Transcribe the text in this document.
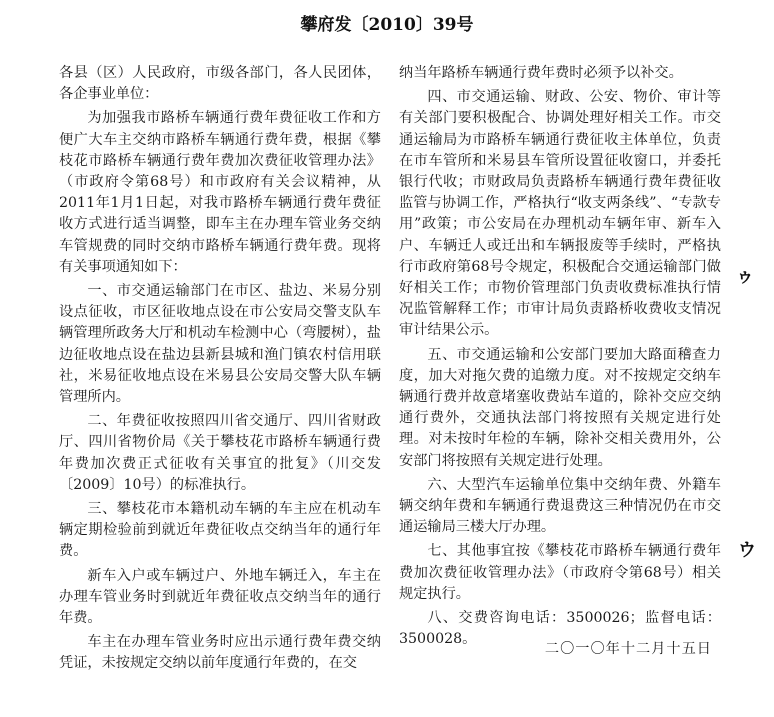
攀府发〔2010〕39号

各县（区）人民政府，市级各部门，各人民团体，各企事业单位：

为加强我市路桥车辆通行费年费征收工作和方便广大车主交纳市路桥车辆通行费年费，根据《攀枝花市路桥车辆通行费年费加次费征收管理办法》（市政府令第68号）和市政府有关会议精神，从2011年1月1日起，对我市路桥车辆通行费年费征收方式进行适当调整，即车主在办理车管业务交纳车管规费的同时交纳市路桥车辆通行费年费。现将有关事项通知如下：

一、市交通运输部门在市区、盐边、米易分别设点征收，市区征收地点设在市公安局交警支队车辆管理所政务大厅和机动车检测中心（弯腰树），盐边征收地点设在盐边县新县城和渔门镇农村信用联社，米易征收地点设在米易县公安局交警大队车辆管理所内。

二、年费征收按照四川省交通厅、四川省财政厅、四川省物价局《关于攀枝花市路桥车辆通行费年费加次费正式征收有关事宜的批复》（川交发〔2009〕10号）的标准执行。

三、攀枝花市本籍机动车辆的车主应在机动车辆定期检验前到就近年费征收点交纳当年的通行年费。

新车入户或车辆过户、外地车辆迁入，车主在办理车管业务时到就近年费征收点交纳当年的通行年费。

车主在办理车管业务时应出示通行费年费交纳凭证，未按规定交纳以前年度通行年费的，在交

纳当年路桥车辆通行费年费时必须予以补交。

四、市交通运输、财政、公安、物价、审计等有关部门要积极配合、协调处理好相关工作。市交通运输局为市路桥车辆通行费征收主体单位，负责在市车管所和米易县车管所设置征收窗口，并委托银行代收；市财政局负责路桥车辆通行费年费征收监管与协调工作，严格执行“收支两条线”、“专款专用”政策；市公安局在办理机动车辆年审、新车入户、车辆迁人或迁出和车辆报废等手续时，严格执行市政府第68号令规定，积极配合交通运输部门做好相关工作；市物价管理部门负责收费标准执行情况监管解释工作；市审计局负责路桥收费收支情况审计结果公示。

五、市交通运输和公安部门要加大路面稽查力度，加大对拖欠费的追缴力度。对不按规定交纳车辆通行费并故意堵塞收费站车道的，除补交应交纳通行费外，交通执法部门将按照有关规定进行处理。对未按时年检的车辆，除补交相关费用外，公安部门将按照有关规定进行处理。

六、大型汽车运输单位集中交纳年费、外籍车辆交纳年费和车辆通行费退费这三种情况仍在市交通运输局三楼大厅办理。

七、其他事宜按《攀枝花市路桥车辆通行费年费加次费征收管理办法》（市政府令第68号）相关规定执行。

八、交费咨询电话：3500026；监督电话：3500028。

二〇一〇年十二月十五日
ゥ
ウ
